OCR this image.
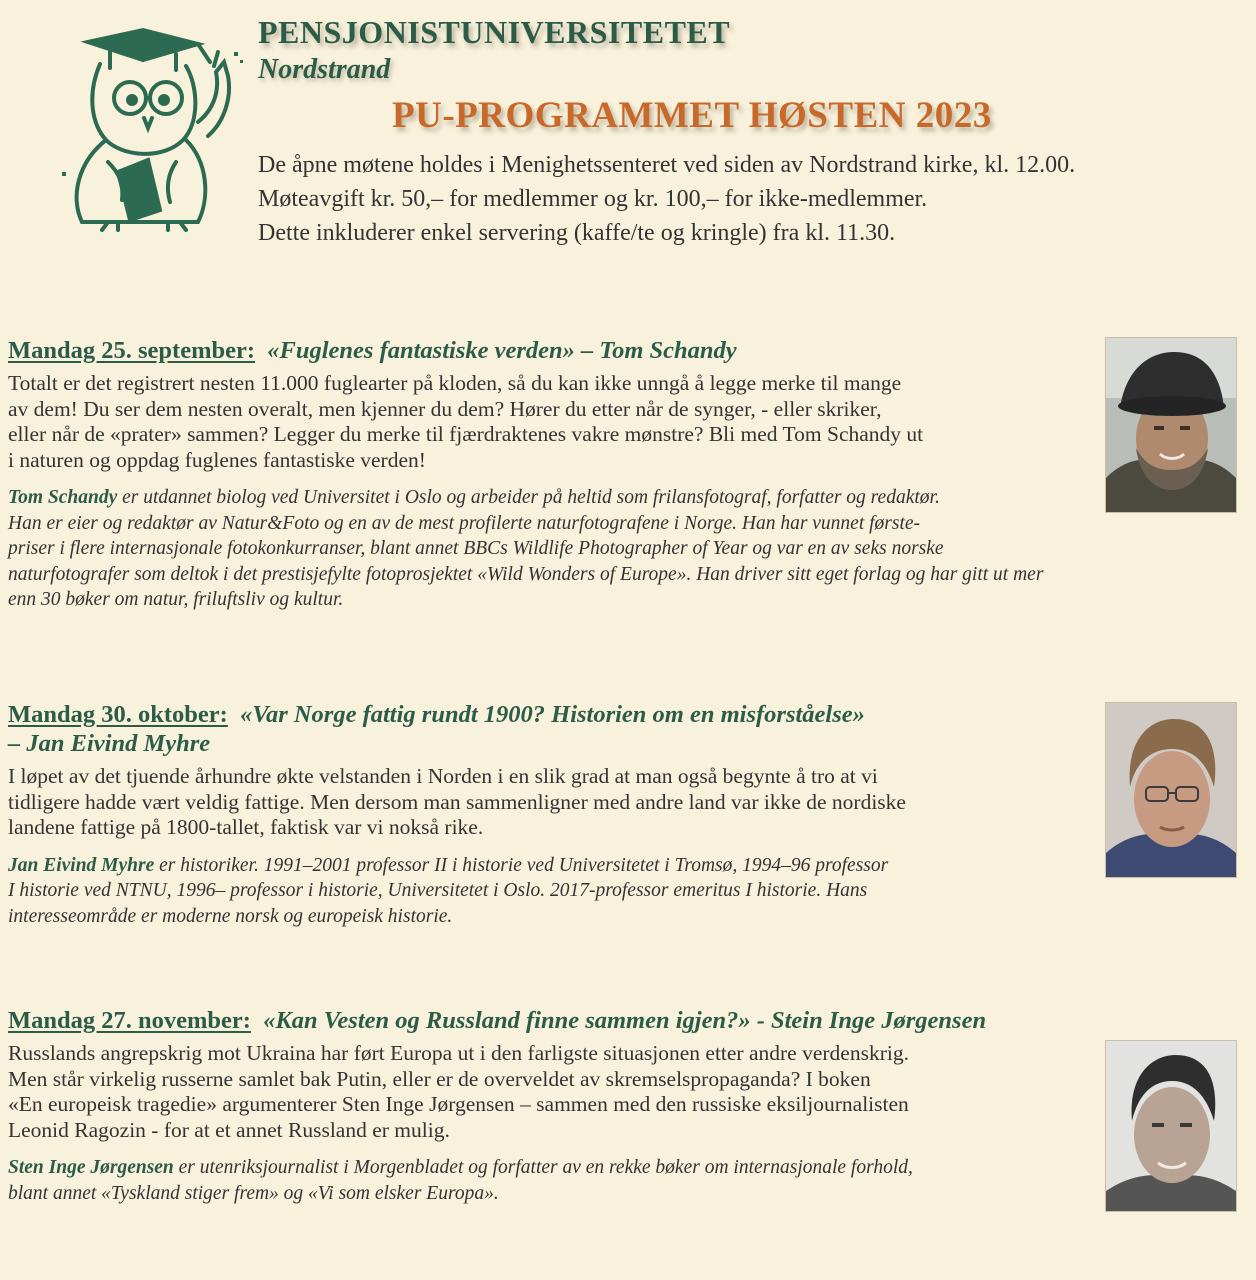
PENSJONISTUNIVERSITETET
Nordstrand
PU-PROGRAMMET HØSTEN 2023
De åpne møtene holdes i Menighetssenteret ved siden av Nordstrand kirke, kl. 12.00.
Møteavgift kr. 50,– for medlemmer og kr. 100,– for ikke-medlemmer.
Dette inkluderer enkel servering (kaffe/te og kringle) fra kl. 11.30.
Mandag 25. september: «Fuglenes fantastiske verden» – Tom Schandy
Totalt er det registrert nesten 11.000 fuglearter på kloden, så du kan ikke unngå å legge merke til mange
av dem! Du ser dem nesten overalt, men kjenner du dem? Hører du etter når de synger, - eller skriker,
eller når de «prater» sammen? Legger du merke til fjærdraktenes vakre mønstre? Bli med Tom Schandy ut
i naturen og oppdag fuglenes fantastiske verden!
Tom Schandy er utdannet biolog ved Universitet i Oslo og arbeider på heltid som frilansfotograf, forfatter og redaktør.
Han er eier og redaktør av Natur&Foto og en av de mest profilerte naturfotografene i Norge. Han har vunnet første-
priser i flere internasjonale fotokonkurranser, blant annet BBCs Wildlife Photographer of Year og var en av seks norske
naturfotografer som deltok i det prestisjefylte fotoprosjektet «Wild Wonders of Europe». Han driver sitt eget forlag og har gitt ut mer
enn 30 bøker om natur, friluftsliv og kultur.
Mandag 30. oktober: «Var Norge fattig rundt 1900? Historien om en misforståelse»
– Jan Eivind Myhre
I løpet av det tjuende århundre økte velstanden i Norden i en slik grad at man også begynte å tro at vi
tidligere hadde vært veldig fattige. Men dersom man sammenligner med andre land var ikke de nordiske
landene fattige på 1800-tallet, faktisk var vi nokså rike.
Jan Eivind Myhre er historiker. 1991–2001 professor II i historie ved Universitetet i Tromsø, 1994–96 professor
I historie ved NTNU, 1996– professor i historie, Universitetet i Oslo. 2017-professor emeritus I historie. Hans
interesseområde er moderne norsk og europeisk historie.
Mandag 27. november: «Kan Vesten og Russland finne sammen igjen?» - Stein Inge Jørgensen
Russlands angrepskrig mot Ukraina har ført Europa ut i den farligste situasjonen etter andre verdenskrig.
Men står virkelig russerne samlet bak Putin, eller er de overveldet av skremselspropaganda? I boken
«En europeisk tragedie» argumenterer Sten Inge Jørgensen – sammen med den russiske eksiljournalisten
Leonid Ragozin - for at et annet Russland er mulig.
Sten Inge Jørgensen er utenriksjournalist i Morgenbladet og forfatter av en rekke bøker om internasjonale forhold,
blant annet «Tyskland stiger frem» og «Vi som elsker Europa».
